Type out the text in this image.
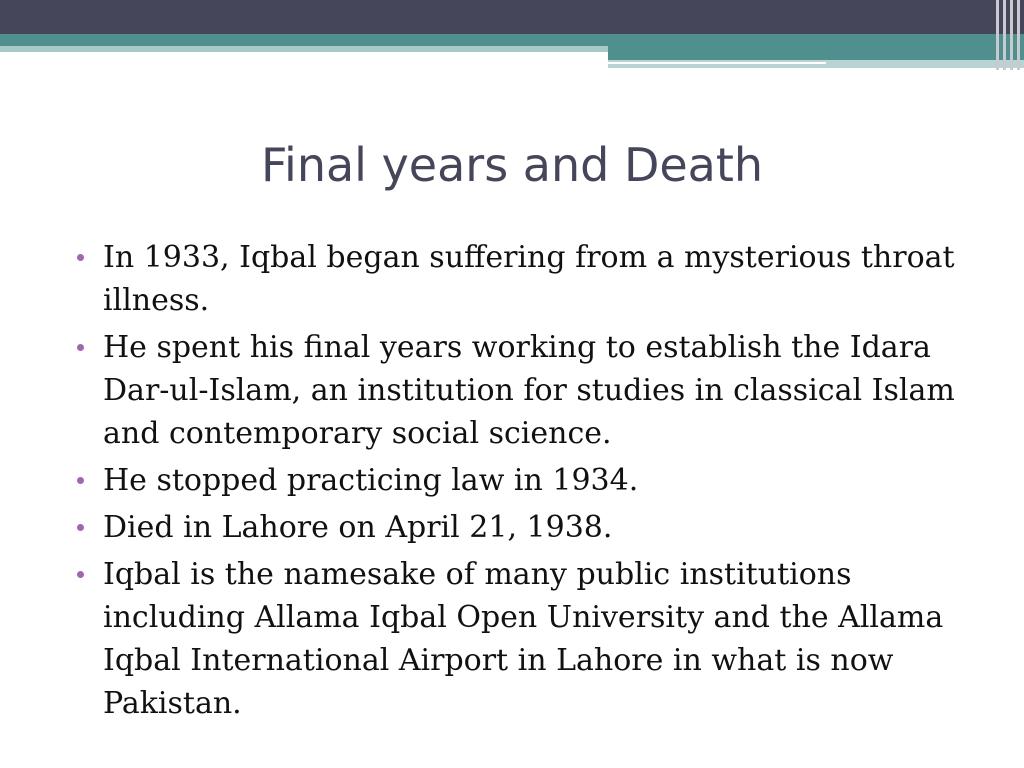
Final years and Death
In 1933, Iqbal began suffering from a mysterious throat illness.
He spent his final years working to establish the Idara Dar-ul-Islam, an institution for studies in classical Islam and contemporary social science.
He stopped practicing law in 1934.
Died in Lahore on April 21, 1938.
Iqbal is the namesake of many public institutions including Allama Iqbal Open University and the Allama Iqbal International Airport in Lahore in what is now Pakistan.
